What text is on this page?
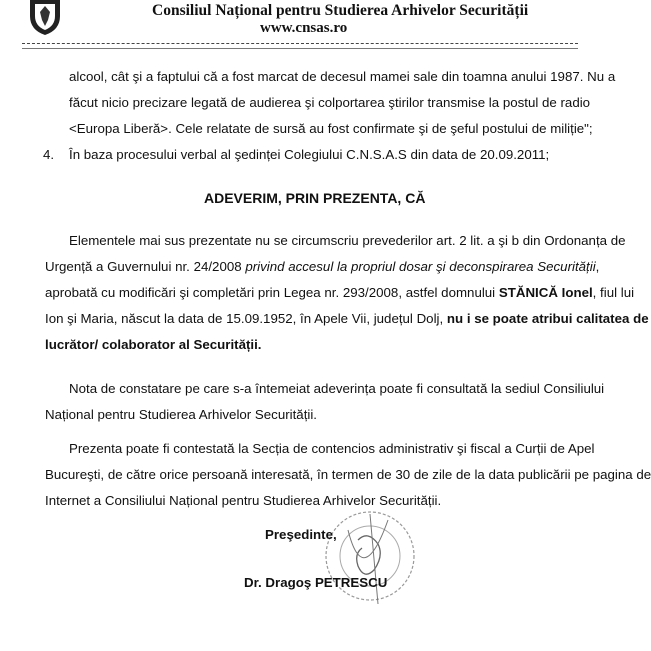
Consiliul Național pentru Studierea Arhivelor Securității
www.cnsas.ro
alcool, cât şi a faptului că a fost marcat de decesul mamei sale din toamna anului 1987. Nu a
făcut nicio precizare legată de audierea şi colportarea ştirilor transmise la postul de radio
<Europa Liberă>. Cele relatate de sursă au fost confirmate şi de şeful postului de miliție";
4. În baza procesului verbal al şedinței Colegiului C.N.S.A.S din data de 20.09.2011;
ADEVERIM, PRIN PREZENTA, CĂ
Elementele mai sus prezentate nu se circumscriu prevederilor art. 2 lit. a şi b din Ordonanța de
Urgență a Guvernului nr. 24/2008 privind accesul la propriul dosar şi deconspirarea Securității,
aprobată cu modificări şi completări prin Legea nr. 293/2008, astfel domnului STĂNICĂ Ionel, fiul lui
Ion şi Maria, născut la data de 15.09.1952, în Apele Vii, județul Dolj, nu i se poate atribui calitatea de
lucrător/ colaborator al Securității.
Nota de constatare pe care s-a întemeiat adeverința poate fi consultată la sediul Consiliului
Național pentru Studierea Arhivelor Securității.
Prezenta poate fi contestată la Secția de contencios administrativ şi fiscal a Curții de Apel
Bucureşti, de către orice persoană interesată, în termen de 30 de zile de la data publicării pe pagina de
Internet a Consiliului Național pentru Studierea Arhivelor Securității.
Preşedinte,
Dr. Dragoş PETRESCU
